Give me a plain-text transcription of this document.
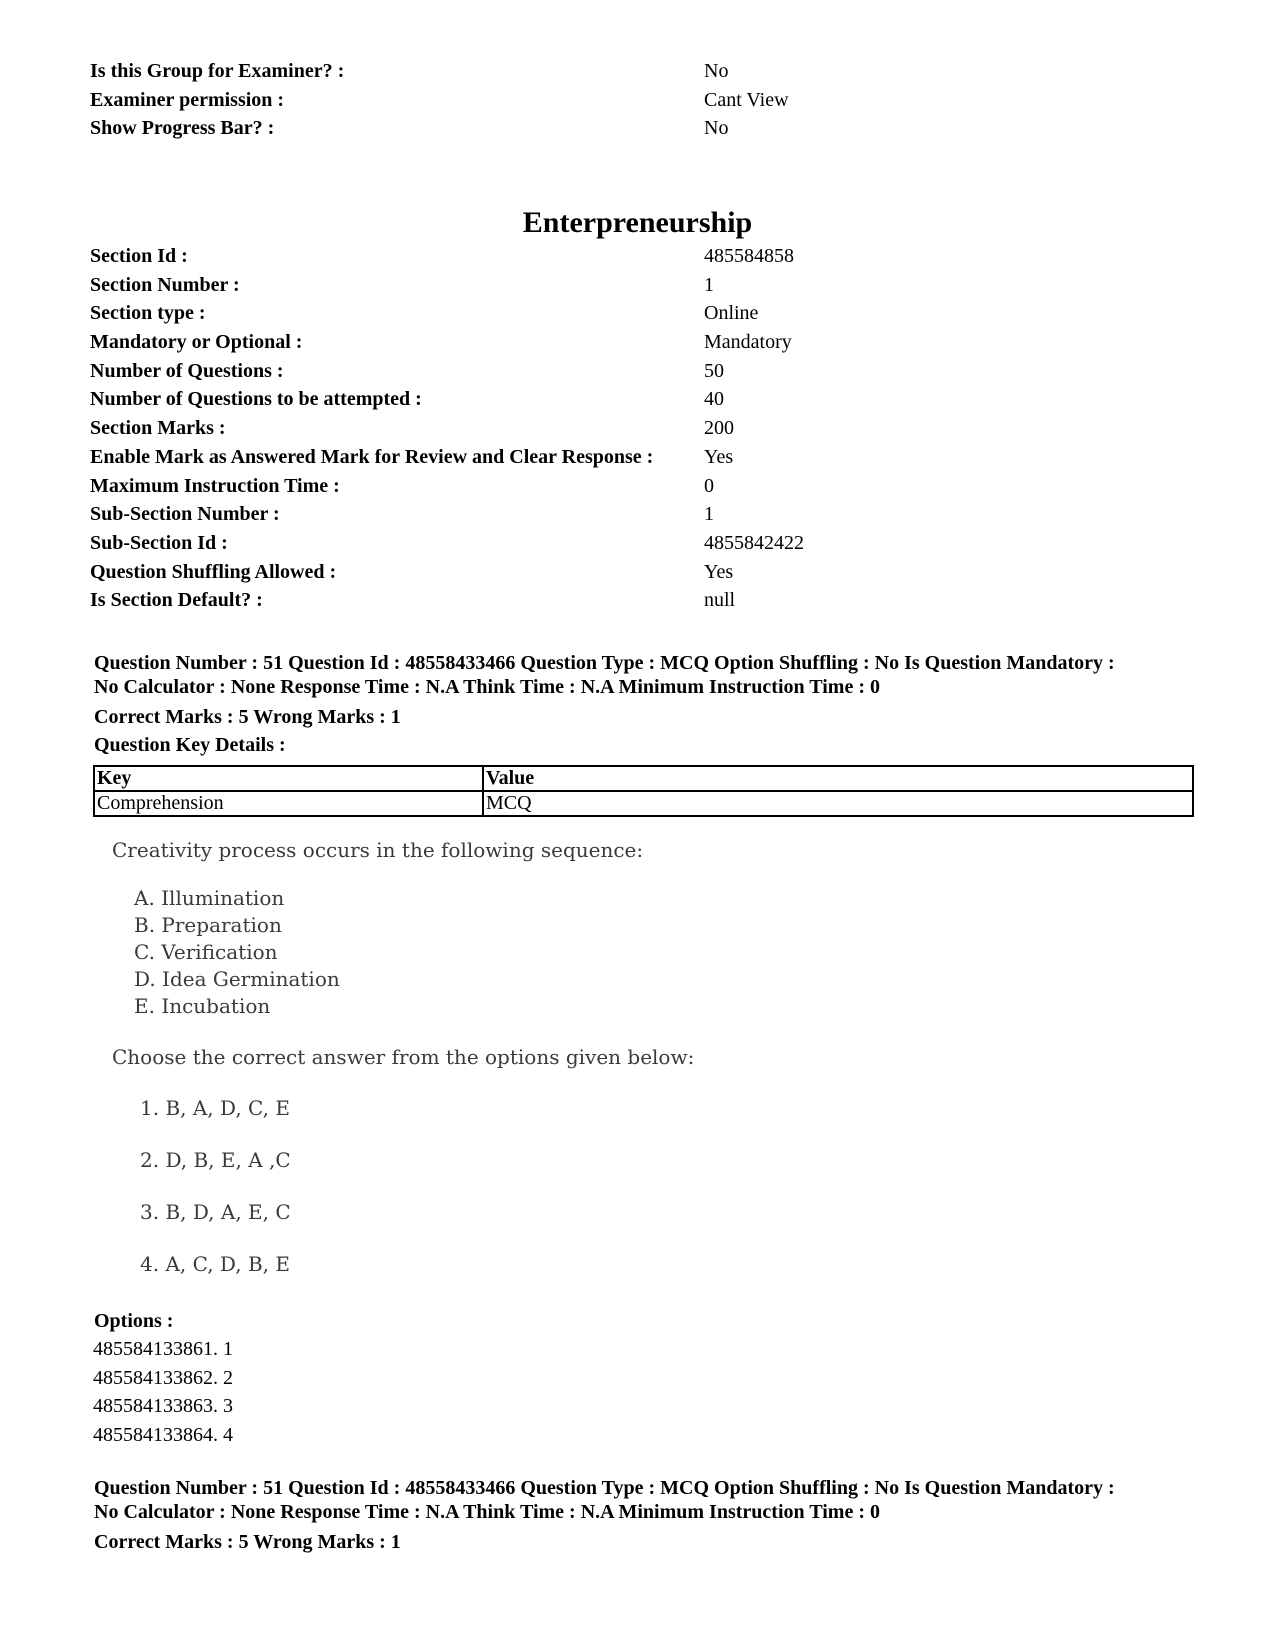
Is this Group for Examiner? :	No
Examiner permission :	Cant View
Show Progress Bar? :	No
Enterpreneurship
Section Id :	485584858
Section Number :	1
Section type :	Online
Mandatory or Optional :	Mandatory
Number of Questions :	50
Number of Questions to be attempted :	40
Section Marks :	200
Enable Mark as Answered Mark for Review and Clear Response :	Yes
Maximum Instruction Time :	0
Sub-Section Number :	1
Sub-Section Id :	4855842422
Question Shuffling Allowed :	Yes
Is Section Default? :	null
Question Number : 51 Question Id : 48558433466 Question Type : MCQ Option Shuffling : No Is Question Mandatory :
No Calculator : None Response Time : N.A Think Time : N.A Minimum Instruction Time : 0
Correct Marks : 5 Wrong Marks : 1
Question Key Details :
Key	Value
Comprehension	MCQ
Creativity process occurs in the following sequence:
A. Illumination
B. Preparation
C. Verification
D. Idea Germination
E. Incubation
Choose the correct answer from the options given below:
1. B, A, D, C, E
2. D, B, E, A ,C
3. B, D, A, E, C
4. A, C, D, B, E
Options :
485584133861. 1
485584133862. 2
485584133863. 3
485584133864. 4
Question Number : 51 Question Id : 48558433466 Question Type : MCQ Option Shuffling : No Is Question Mandatory :
No Calculator : None Response Time : N.A Think Time : N.A Minimum Instruction Time : 0
Correct Marks : 5 Wrong Marks : 1
